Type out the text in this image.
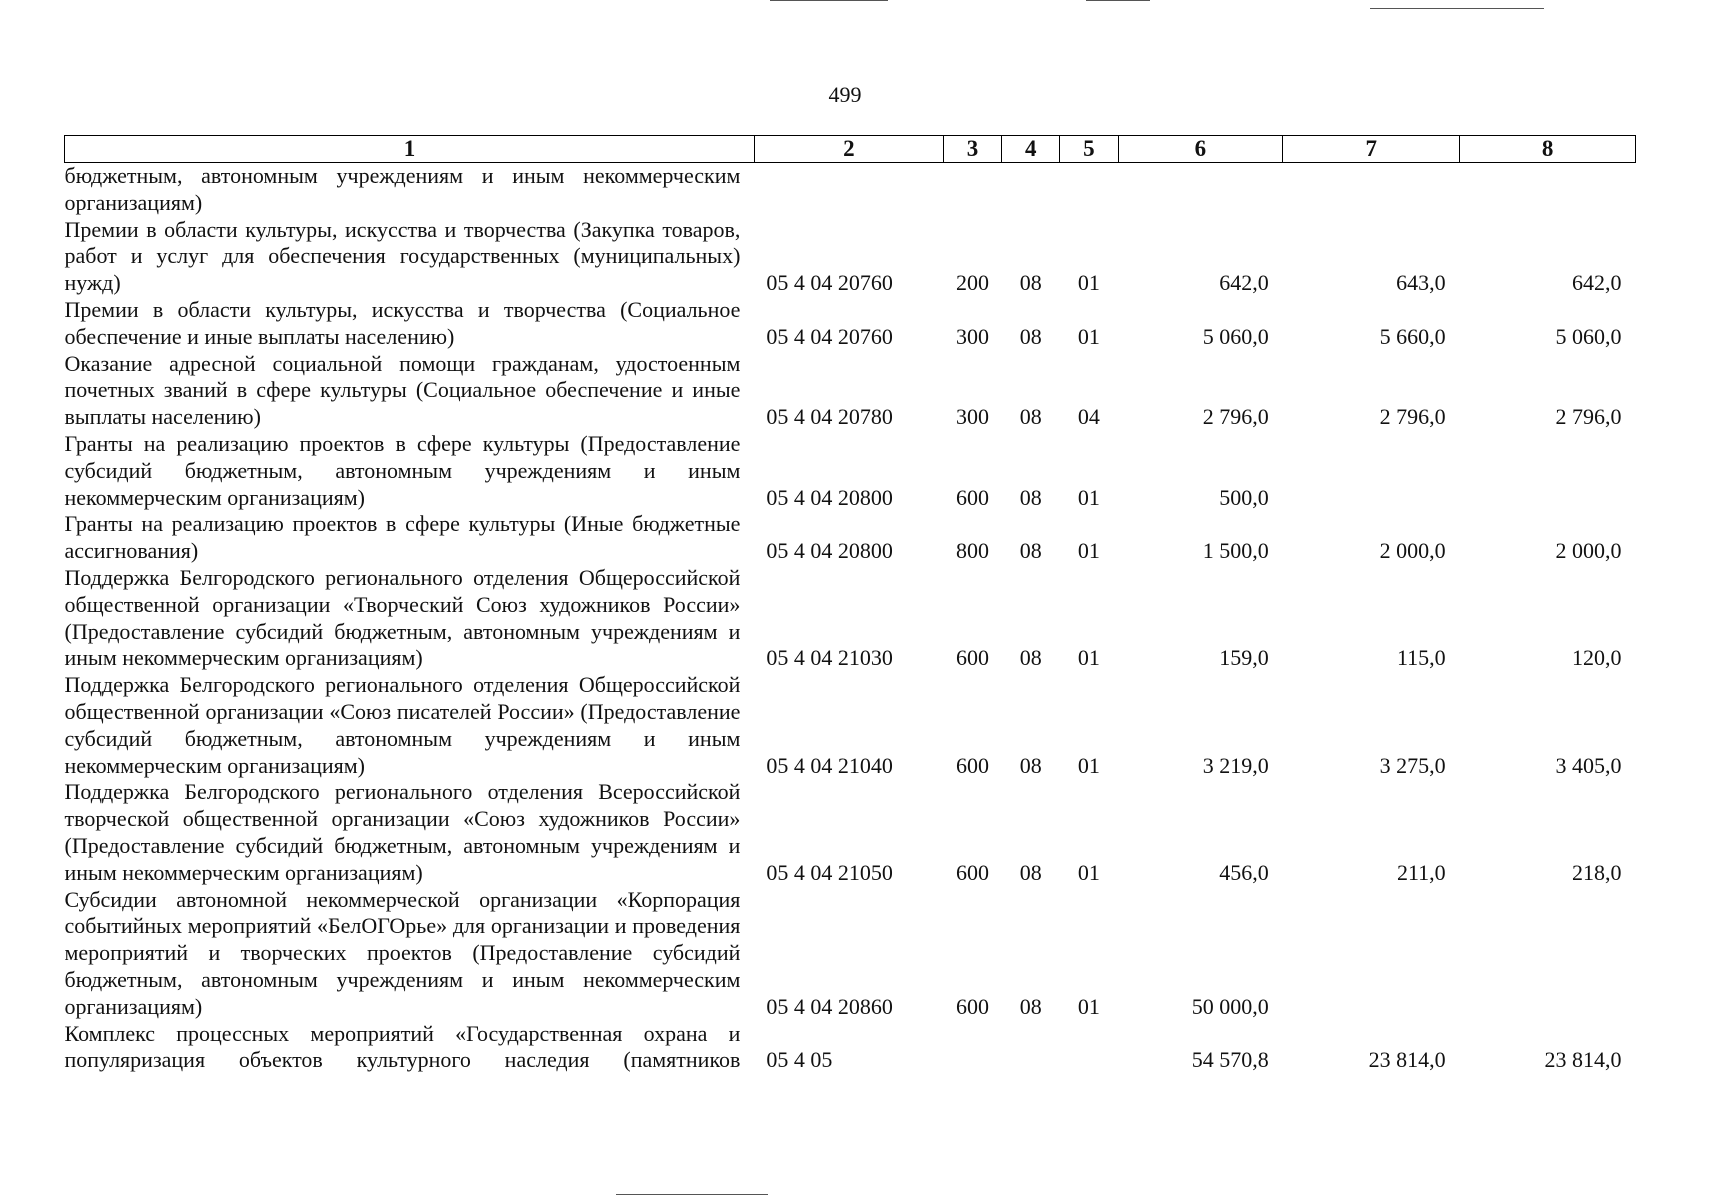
499
1	2	3	4	5	6	7	8
бюджетным, автономным учреждениям и иным некоммерческим организациям)							
Премии в области культуры, искусства и творчества (Закупка товаров, работ и услуг для обеспечения государственных (муниципальных) нужд)	05 4 04 20760	200	08	01	642,0	643,0	642,0
Премии в области культуры, искусства и творчества (Социальное обеспечение и иные выплаты населению)	05 4 04 20760	300	08	01	5 060,0	5 660,0	5 060,0
Оказание адресной социальной помощи гражданам, удостоенным почетных званий в сфере культуры (Социальное обеспечение и иные выплаты населению)	05 4 04 20780	300	08	04	2 796,0	2 796,0	2 796,0
Гранты на реализацию проектов в сфере культуры (Предоставление субсидий бюджетным, автономным учреждениям и иным некоммерческим организациям)	05 4 04 20800	600	08	01	500,0		
Гранты на реализацию проектов в сфере культуры (Иные бюджетные ассигнования)	05 4 04 20800	800	08	01	1 500,0	2 000,0	2 000,0
Поддержка Белгородского регионального отделения Общероссийской общественной организации «Творческий Союз художников России» (Предоставление субсидий бюджетным, автономным учреждениям и иным некоммерческим организациям)	05 4 04 21030	600	08	01	159,0	115,0	120,0
Поддержка Белгородского регионального отделения Общероссийской общественной организации «Союз писателей России» (Предоставление субсидий бюджетным, автономным учреждениям и иным некоммерческим организациям)	05 4 04 21040	600	08	01	3 219,0	3 275,0	3 405,0
Поддержка Белгородского регионального отделения Всероссийской творческой общественной организации «Союз художников России» (Предоставление субсидий бюджетным, автономным учреждениям и иным некоммерческим организациям)	05 4 04 21050	600	08	01	456,0	211,0	218,0
Субсидии автономной некоммерческой организации «Корпорация событийных мероприятий «БелОГОрье» для организации и проведения мероприятий и творческих проектов (Предоставление субсидий бюджетным, автономным учреждениям и иным некоммерческим организациям)	05 4 04 20860	600	08	01	50 000,0		
Комплекс процессных мероприятий «Государственная охрана и популяризация объектов культурного наследия (памятников	05 4 05				54 570,8	23 814,0	23 814,0
